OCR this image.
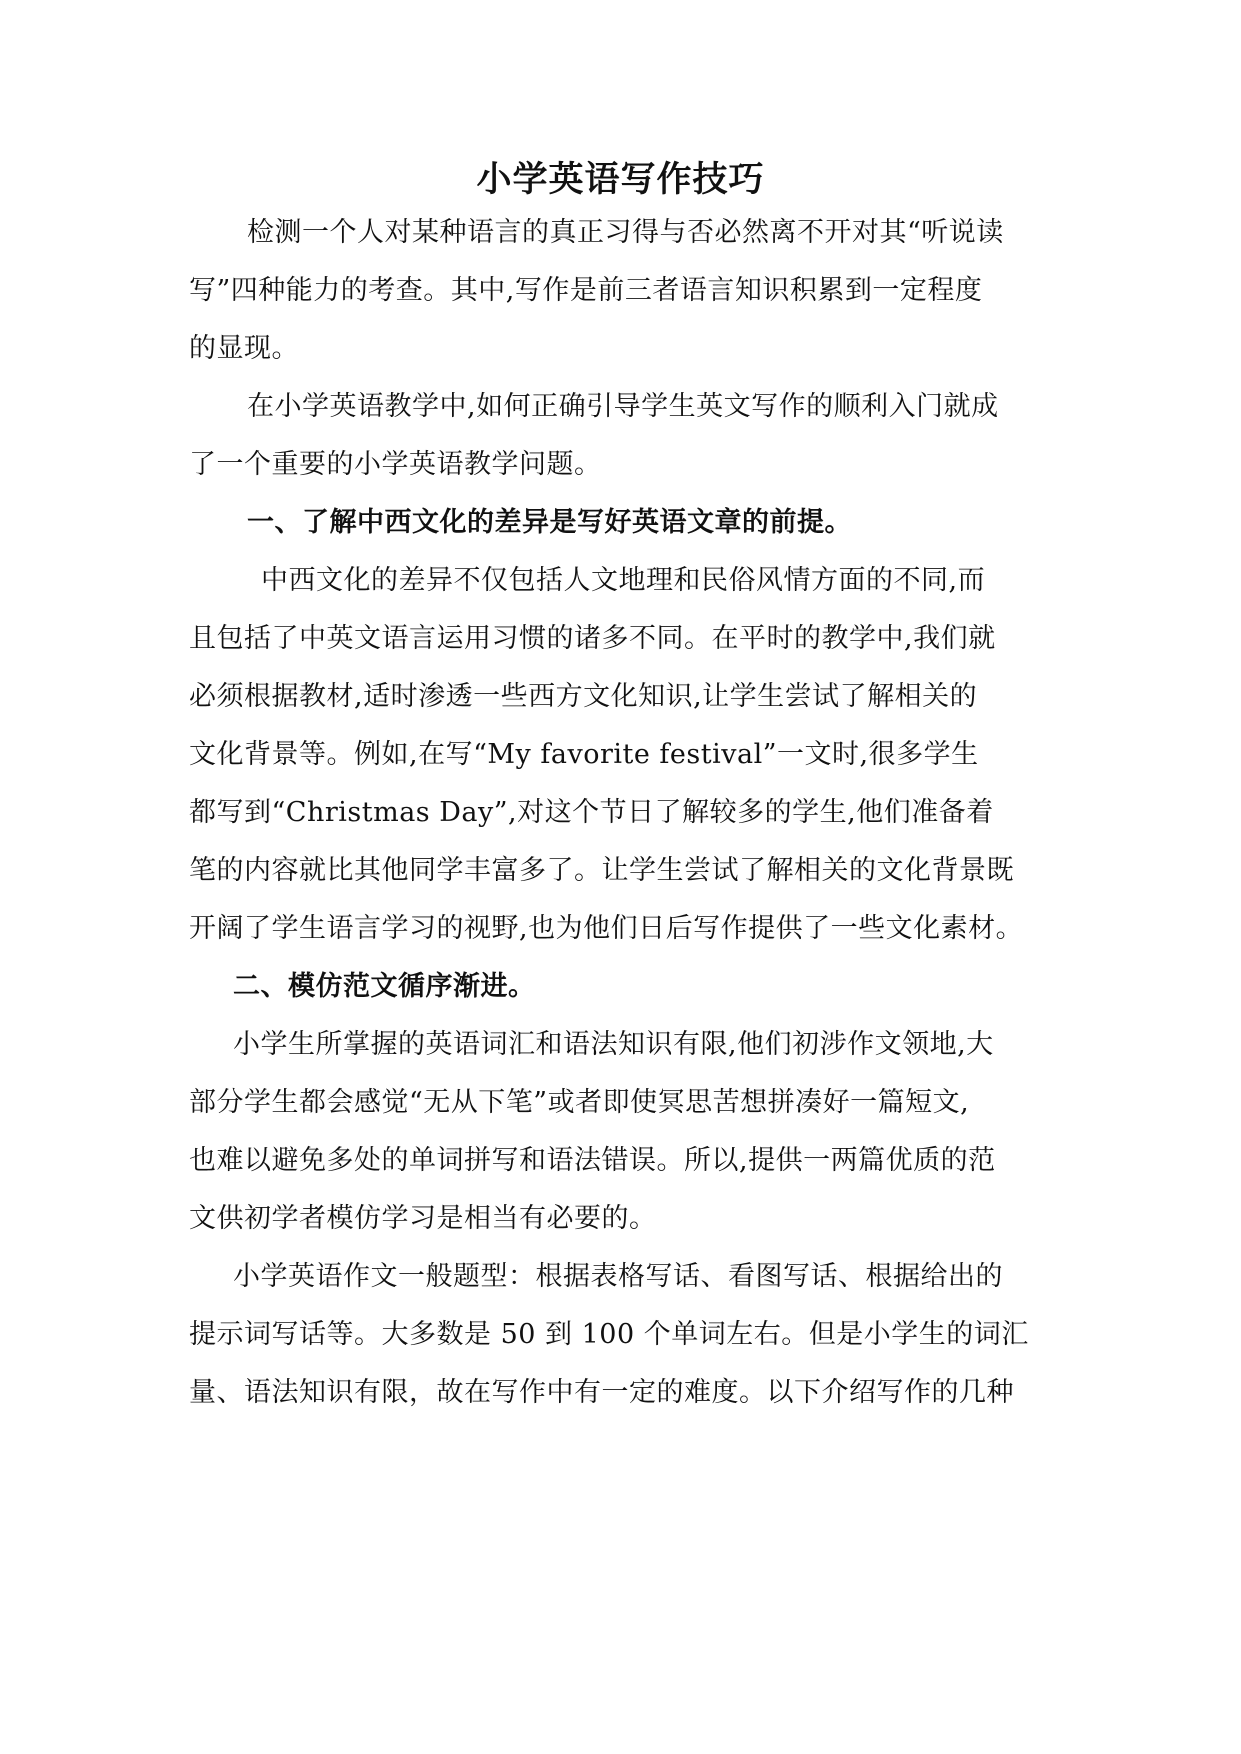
小学英语写作技巧
检测一个人对某种语言的真正习得与否必然离不开对其“听说读
写”四种能力的考查。其中,写作是前三者语言知识积累到一定程度
的显现。
在小学英语教学中,如何正确引导学生英文写作的顺利入门就成
了一个重要的小学英语教学问题。
一、了解中西文化的差异是写好英语文章的前提。
中西文化的差异不仅包括人文地理和民俗风情方面的不同,而
且包括了中英文语言运用习惯的诸多不同。在平时的教学中,我们就
必须根据教材,适时渗透一些西方文化知识,让学生尝试了解相关的
文化背景等。例如,在写“My favorite festival”一文时,很多学生
都写到“Christmas Day”,对这个节日了解较多的学生,他们准备着
笔的内容就比其他同学丰富多了。让学生尝试了解相关的文化背景既
开阔了学生语言学习的视野,也为他们日后写作提供了一些文化素材。
二、模仿范文循序渐进。
小学生所掌握的英语词汇和语法知识有限,他们初涉作文领地,大
部分学生都会感觉“无从下笔”或者即使冥思苦想拼凑好一篇短文,
也难以避免多处的单词拼写和语法错误。所以,提供一两篇优质的范
文供初学者模仿学习是相当有必要的。
小学英语作文一般题型：根据表格写话、看图写话、根据给出的
提示词写话等。大多数是 50 到 100 个单词左右。但是小学生的词汇
量、语法知识有限，故在写作中有一定的难度。以下介绍写作的几种
